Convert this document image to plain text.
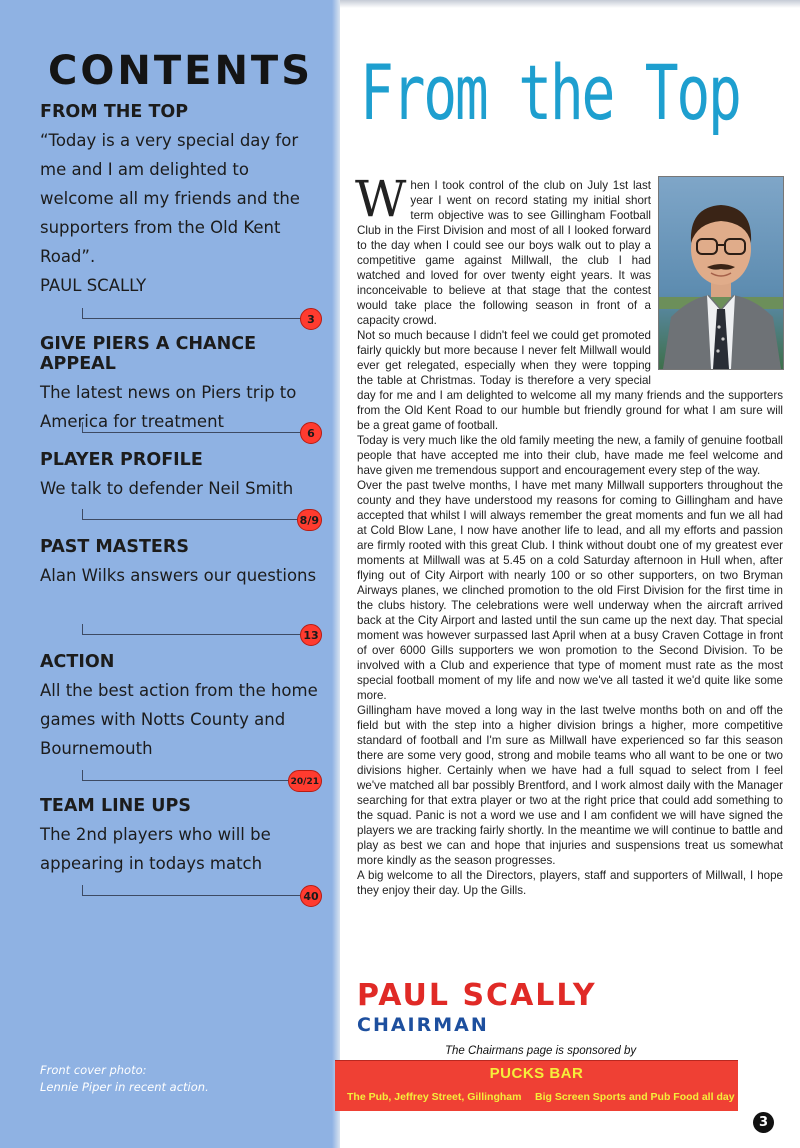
CONTENTS
FROM THE TOP

“Today is a very special day for me and I am delighted to welcome all my friends and the supporters from the Old Kent Road”.

PAUL SCALLY

3
GIVE PIERS A CHANCE APPEAL

The latest news on Piers trip to America for treatment

6
PLAYER PROFILE

We talk to defender Neil Smith

8/9
PAST MASTERS

Alan Wilks answers our questions

13
ACTION

All the best action from the home games with Notts County and Bournemouth

20/21
TEAM LINE UPS

The 2nd players who will be appearing in todays match

40
Front cover photo:
Lennie Piper in recent action.
From the Top

When I took control of the club on July 1st last year I went on record stating my initial short term objective was to see Gillingham Football Club in the First Division and most of all I looked forward to the day when I could see our boys walk out to play a competitive game against Millwall, the club I had watched and loved for over twenty eight years. It was inconceivable to believe at that stage that the contest would take place the following season in front of a capacity crowd.

Not so much because I didn't feel we could get promoted fairly quickly but more because I never felt Millwall would ever get relegated, especially when they were topping the table at Christmas. Today is therefore a very special day for me and I am delighted to welcome all my many friends and the supporters from the Old Kent Road to our humble but friendly ground for what I am sure will be a great game of football.

Today is very much like the old family meeting the new, a family of genuine football people that have accepted me into their club, have made me feel welcome and have given me tremendous support and encouragement every step of the way.

Over the past twelve months, I have met many Millwall supporters throughout the county and they have understood my reasons for coming to Gillingham and have accepted that whilst I will always remember the great moments and fun we all had at Cold Blow Lane, I now have another life to lead, and all my efforts and passion are firmly rooted with this great Club. I think without doubt one of my greatest ever moments at Millwall was at 5.45 on a cold Saturday afternoon in Hull when, after flying out of City Airport with nearly 100 or so other supporters, on two Bryman Airways planes, we clinched promotion to the old First Division for the first time in the clubs history. The celebrations were well underway when the aircraft arrived back at the City Airport and lasted until the sun came up the next day. That special moment was however surpassed last April when at a busy Craven Cottage in front of over 6000 Gills supporters we won promotion to the Second Division. To be involved with a Club and experience that type of moment must rate as the most special football moment of my life and now we've all tasted it we'd quite like some more.

Gillingham have moved a long way in the last twelve months both on and off the field but with the step into a higher division brings a higher, more competitive standard of football and I'm sure as Millwall have experienced so far this season there are some very good, strong and mobile teams who all want to be one or two divisions higher. Certainly when we have had a full squad to select from I feel we've matched all bar possibly Brentford, and I work almost daily with the Manager searching for that extra player or two at the right price that could add something to the squad. Panic is not a word we use and I am confident we will have signed the players we are tracking fairly shortly. In the meantime we will continue to battle and play as best we can and hope that injuries and suspensions treat us somewhat more kindly as the season progresses.

A big welcome to all the Directors, players, staff and supporters of Millwall, I hope they enjoy their day. Up the Gills.

PAUL SCALLY
CHAIRMAN

The Chairmans page is sponsored by

PUCKS BAR
The Pub, Jeffrey Street, Gillingham Big Screen Sports and Pub Food all day
3
